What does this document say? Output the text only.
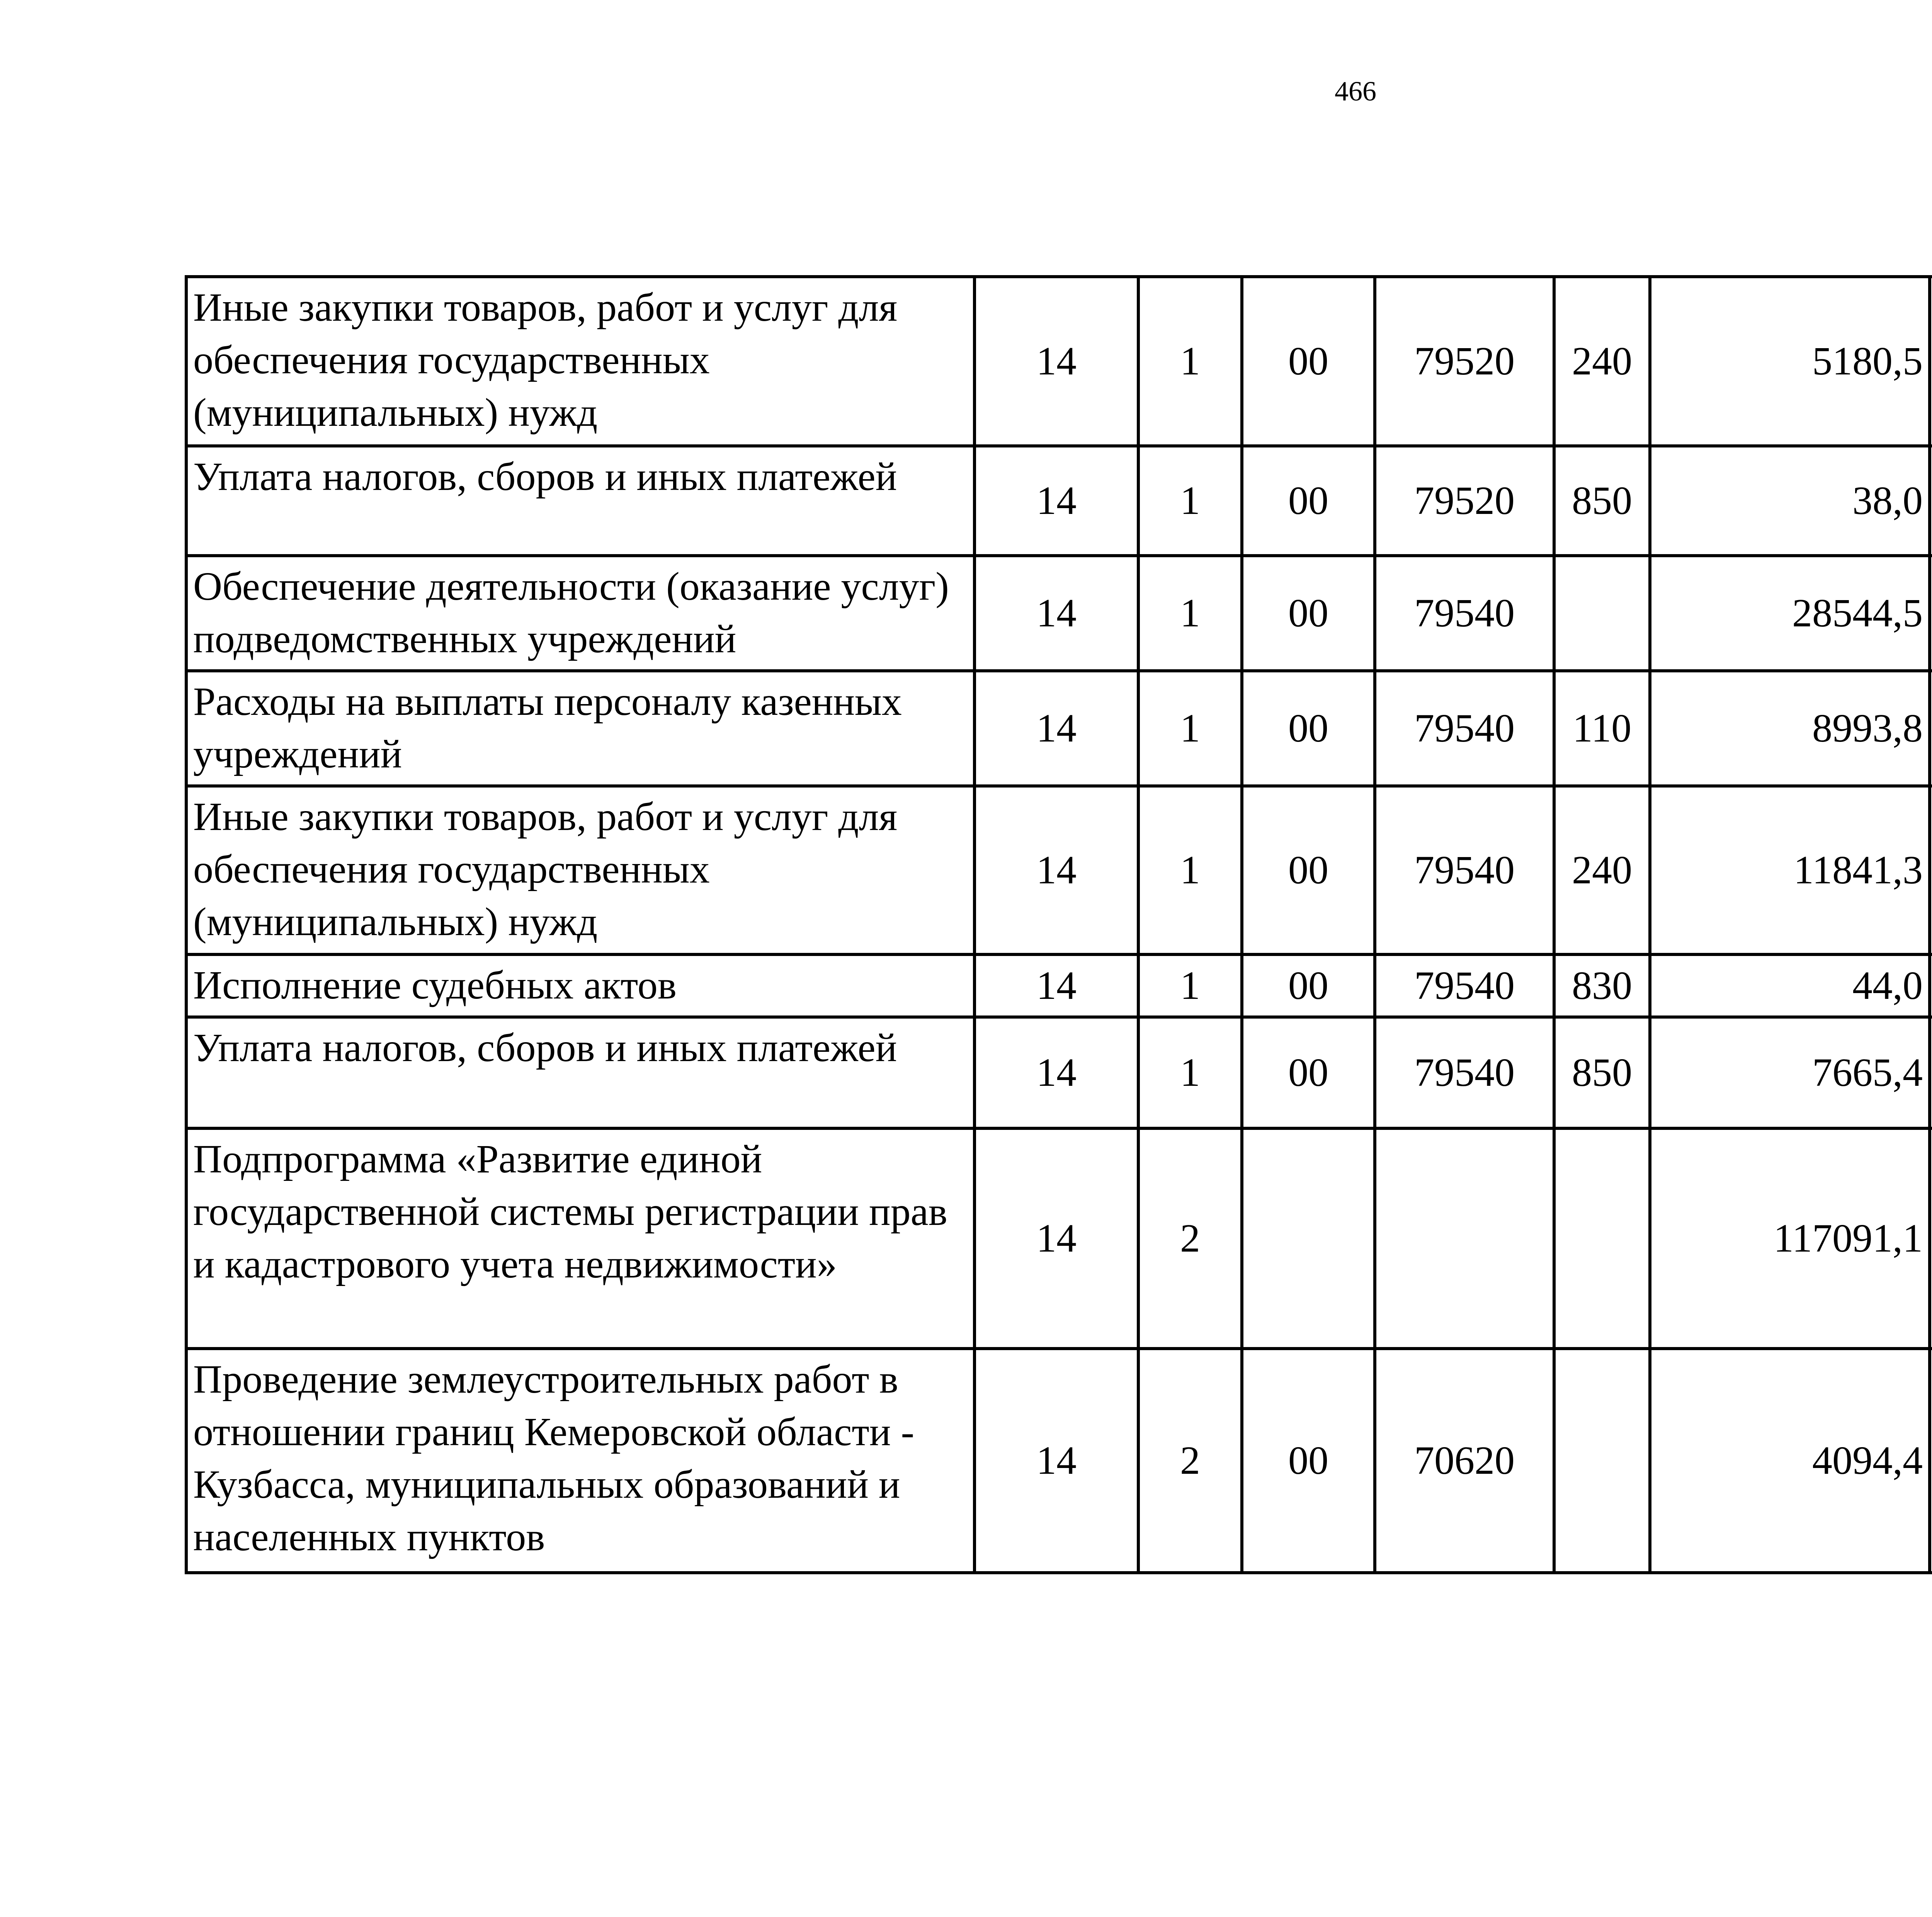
466
Иные закупки товаров, работ и услуг для обеспечения государственных (муниципальных) нужд	14	1	00	79520	240	5180,5		
Уплата налогов, сборов и иных платежей	14	1	00	79520	850	38,0		
Обеспечение деятельности (оказание услуг) подведомственных учреждений	14	1	00	79540		28544,5		
Расходы на выплаты персоналу казенных учреждений	14	1	00	79540	110	8993,8		
Иные закупки товаров, работ и услуг для обеспечения государственных (муниципальных) нужд	14	1	00	79540	240	11841,3		
Исполнение судебных актов	14	1	00	79540	830	44,0		
Уплата налогов, сборов и иных платежей	14	1	00	79540	850	7665,4		
Подпрограмма «Развитие единой государственной системы регистрации прав и кадастрового учета недвижимости»	14	2				117091,1		
Проведение землеустроительных работ в отношении границ Кемеровской области - Кузбасса, муниципальных образований и населенных пунктов	14	2	00	70620		4094,4		
